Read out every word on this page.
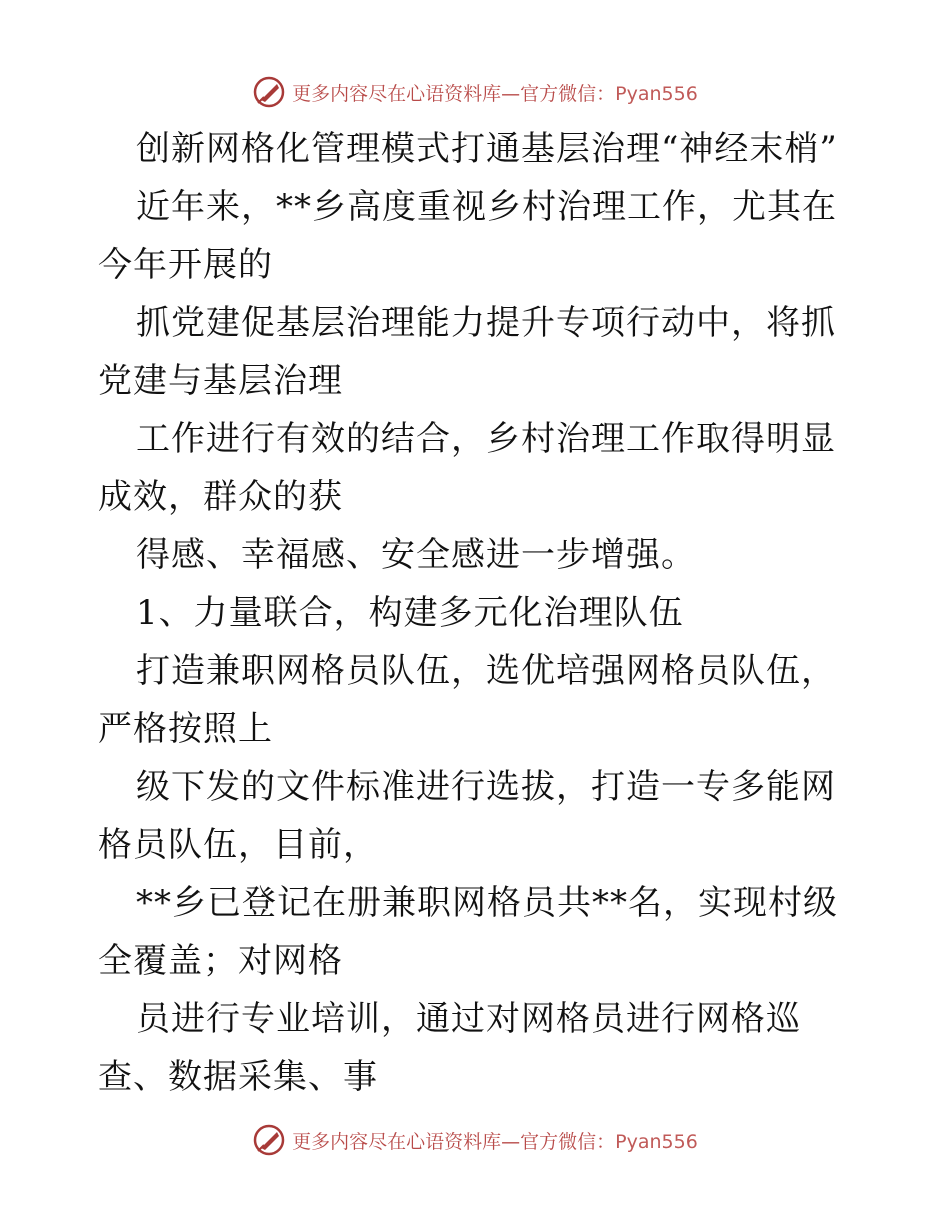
更多内容尽在心语资料库—官方微信：Pyan556

创新网格化管理模式打通基层治理“神经末梢”

近年来，**乡高度重视乡村治理工作，尤其在今年开展的

抓党建促基层治理能力提升专项行动中，将抓党建与基层治理

工作进行有效的结合，乡村治理工作取得明显成效，群众的获

得感、幸福感、安全感进一步增强。

1、力量联合，构建多元化治理队伍

打造兼职网格员队伍，选优培强网格员队伍，严格按照上

级下发的文件标准进行选拔，打造一专多能网格员队伍，目前，

**乡已登记在册兼职网格员共**名，实现村级全覆盖；对网格

员进行专业培训，通过对网格员进行网格巡查、数据采集、事

更多内容尽在心语资料库—官方微信：Pyan556
